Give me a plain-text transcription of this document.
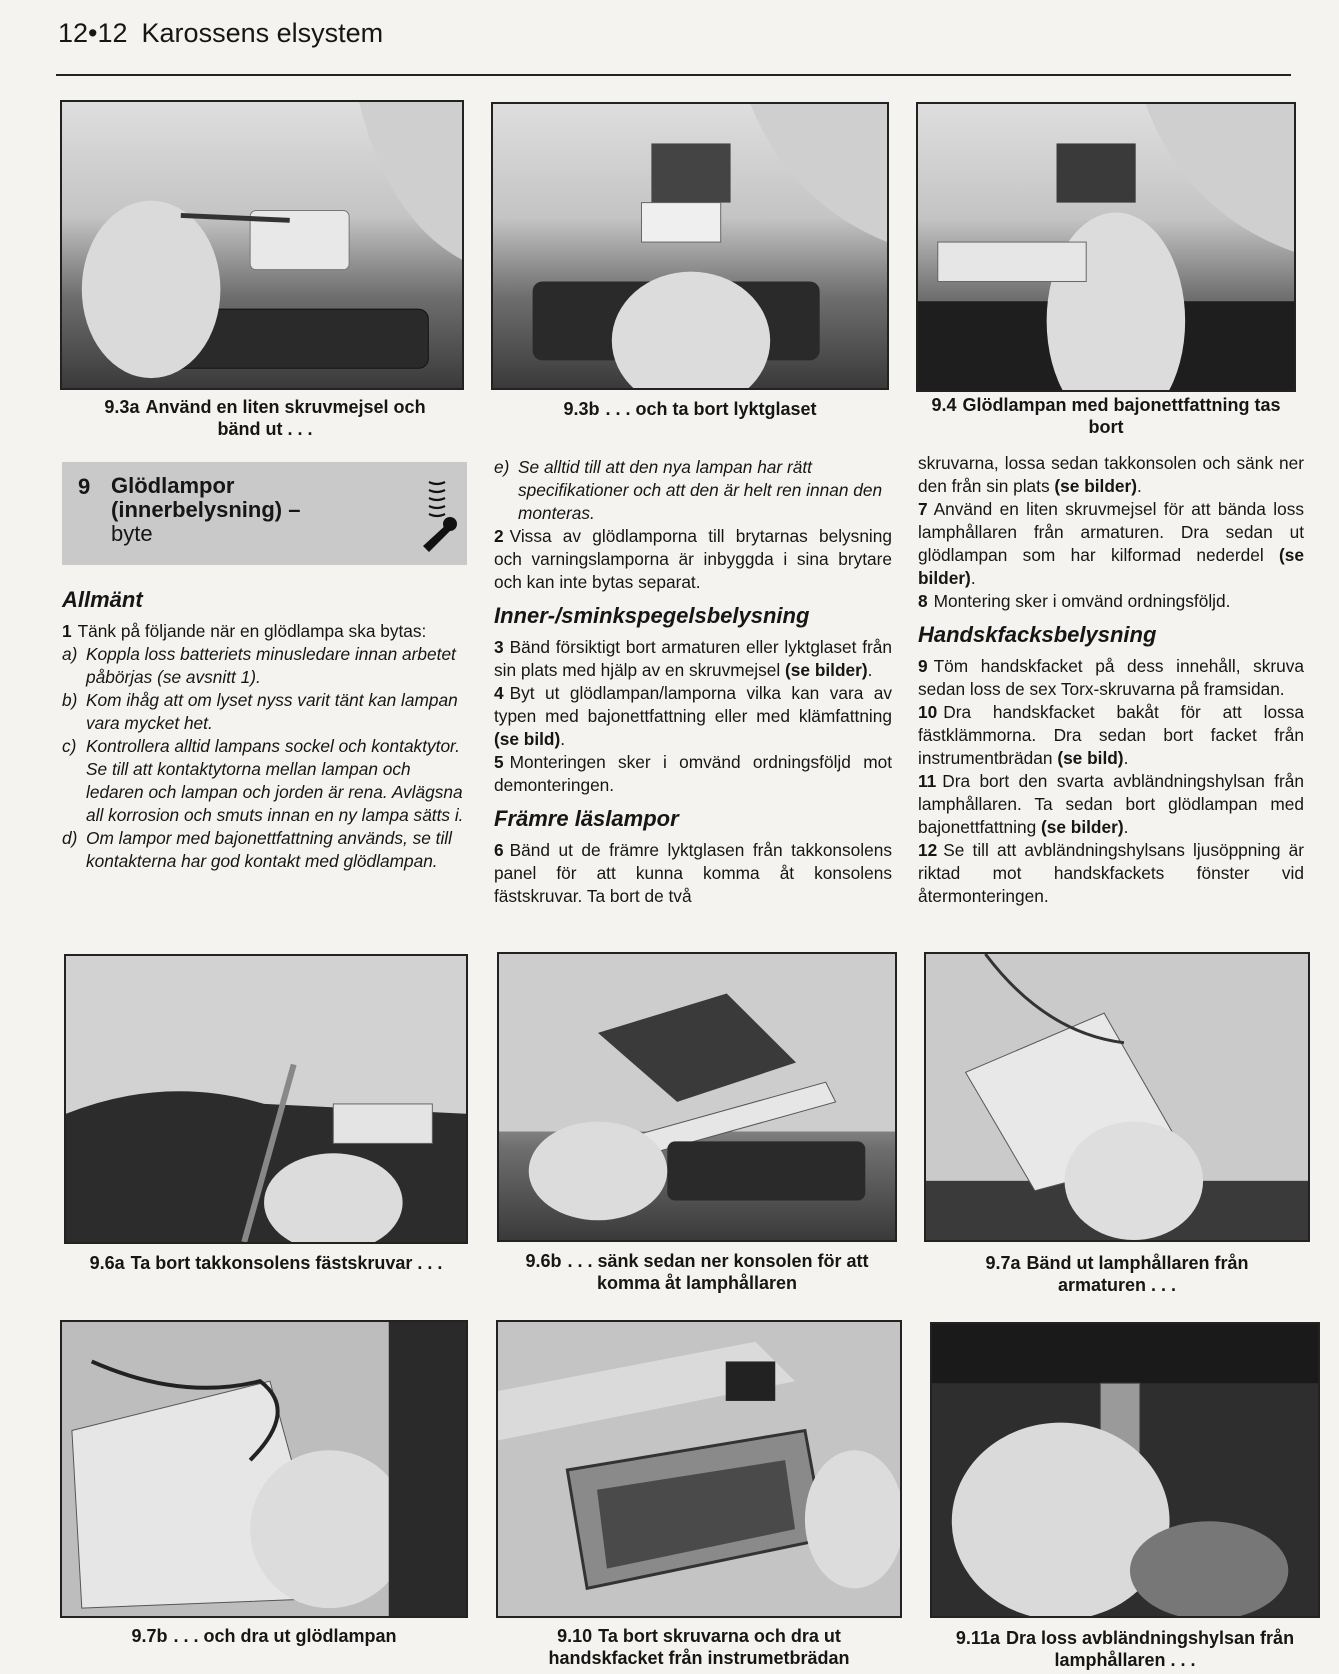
12•12 Karossens elsystem
9.3a Använd en liten skruvmejsel och
bänd ut . . .
9.3b . . . och ta bort lyktglaset	9.4 Glödlampan med bajonettfattning tas
bort
9 Glödlampor
(innerbelysning) –
byte
Allmänt

1 Tänk på följande när en glödlampa ska bytas:

a) Koppla loss batteriets minusledare innan arbetet påbörjas (se avsnitt 1).
b) Kom ihåg att om lyset nyss varit tänt kan lampan vara mycket het.
c) Kontrollera alltid lampans sockel och kontaktytor. Se till att kontaktytorna mellan lampan och ledaren och lampan och jorden är rena. Avlägsna all korrosion och smuts innan en ny lampa sätts i.
d) Om lampor med bajonettfattning används, se till kontakterna har god kontakt med glödlampan.
e) Se alltid till att den nya lampan har rätt specifikationer och att den är helt ren innan den monteras.

2 Vissa av glödlamporna till brytarnas belysning och varningslamporna är inbyggda i sina brytare och kan inte bytas separat.

Inner-/sminkspegelsbelysning

3 Bänd försiktigt bort armaturen eller lyktglaset från sin plats med hjälp av en skruvmejsel (se bilder).

4 Byt ut glödlampan/lamporna vilka kan vara av typen med bajonettfattning eller med klämfattning (se bild).

5 Monteringen sker i omvänd ordningsföljd mot demonteringen.

Främre läslampor

6 Bänd ut de främre lyktglasen från takkonsolens panel för att kunna komma åt konsolens fästskruvar. Ta bort de två

skruvarna, lossa sedan takkonsolen och sänk ner den från sin plats (se bilder).

7 Använd en liten skruvmejsel för att bända loss lamphållaren från armaturen. Dra sedan ut glödlampan som har kilformad nederdel (se bilder).

8 Montering sker i omvänd ordningsföljd.

Handskfacksbelysning

9 Töm handskfacket på dess innehåll, skruva sedan loss de sex Torx-skruvarna på framsidan.

10 Dra handskfacket bakåt för att lossa fästklämmorna. Dra sedan bort facket från instrumentbrädan (se bild).

11 Dra bort den svarta avbländningshylsan från lamphållaren. Ta sedan bort glödlampan med bajonettfattning (se bilder).

12 Se till att avbländningshylsans ljusöppning är riktad mot handskfackets fönster vid återmonteringen.

9.6a Ta bort takkonsolens fästskruvar . . .	9.6b . . . sänk sedan ner konsolen för att
komma åt lamphållaren
9.7a Bänd ut lamphållaren från
armaturen . . .
9.7b . . . och dra ut glödlampan	9.10 Ta bort skruvarna och dra ut
handskfacket från instrumetbrädan
9.11a Dra loss avbländningshylsan från
lamphållaren . . .
